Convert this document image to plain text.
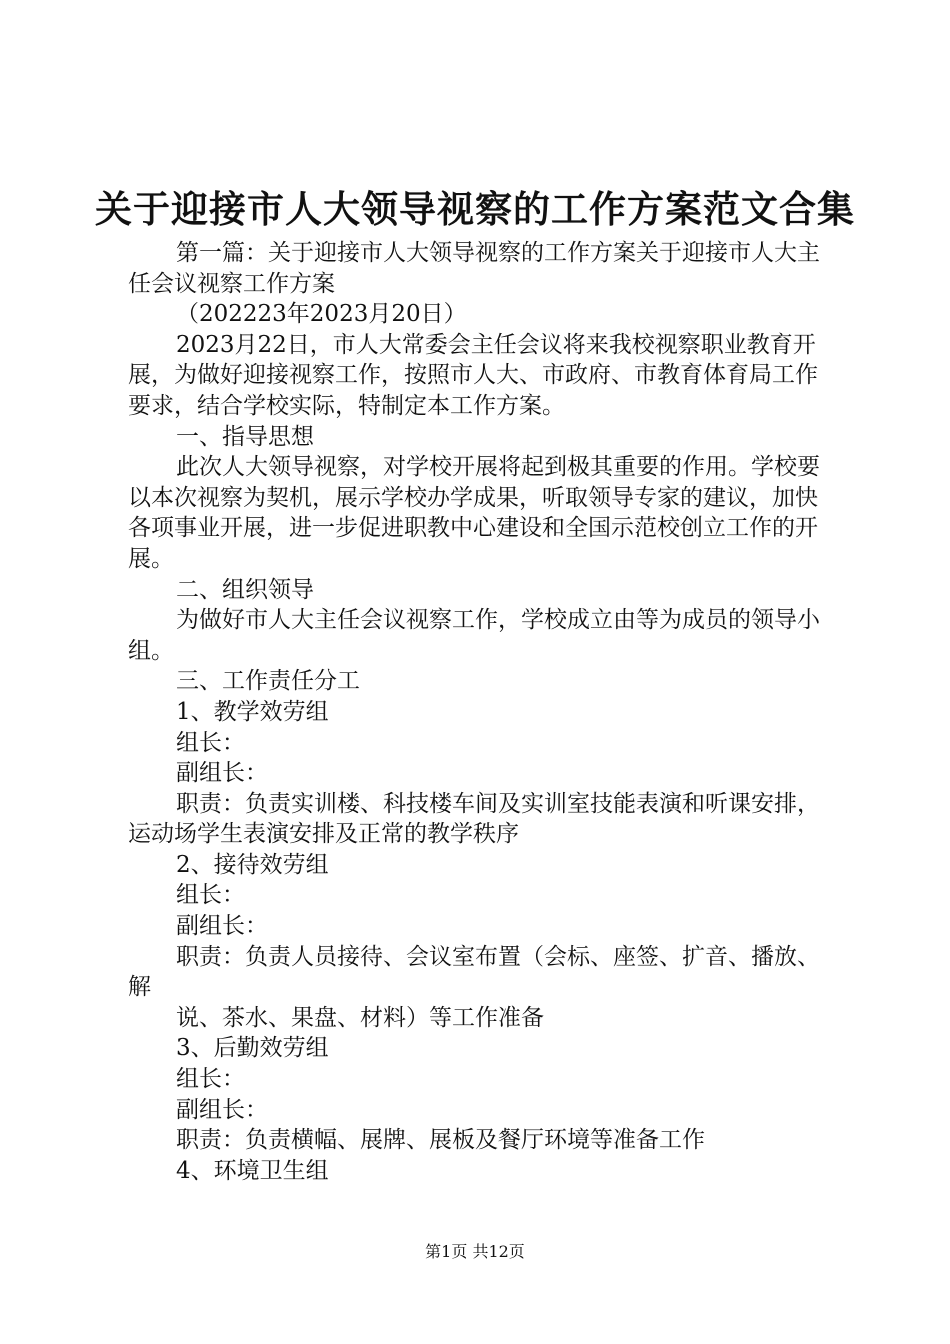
关于迎接市人大领导视察的工作方案范文合集

第一篇：关于迎接市人大领导视察的工作方案关于迎接市人大主任会议视察工作方案

（202223年2023月20日）

2023月22日，市人大常委会主任会议将来我校视察职业教育开展，为做好迎接视察工作，按照市人大、市政府、市教育体育局工作要求，结合学校实际，特制定本工作方案。

一、指导思想

此次人大领导视察，对学校开展将起到极其重要的作用。学校要以本次视察为契机，展示学校办学成果，听取领导专家的建议，加快各项事业开展，进一步促进职教中心建设和全国示范校创立工作的开展。

二、组织领导

为做好市人大主任会议视察工作，学校成立由等为成员的领导小组。

三、工作责任分工

1、教学效劳组

组长：

副组长：

职责：负责实训楼、科技楼车间及实训室技能表演和听课安排，运动场学生表演安排及正常的教学秩序

2、接待效劳组

组长：

副组长：

职责：负责人员接待、会议室布置（会标、座签、扩音、播放、解

说、茶水、果盘、材料）等工作准备

3、后勤效劳组

组长：

副组长：

职责：负责横幅、展牌、展板及餐厅环境等准备工作

4、环境卫生组

第1页 共12页
